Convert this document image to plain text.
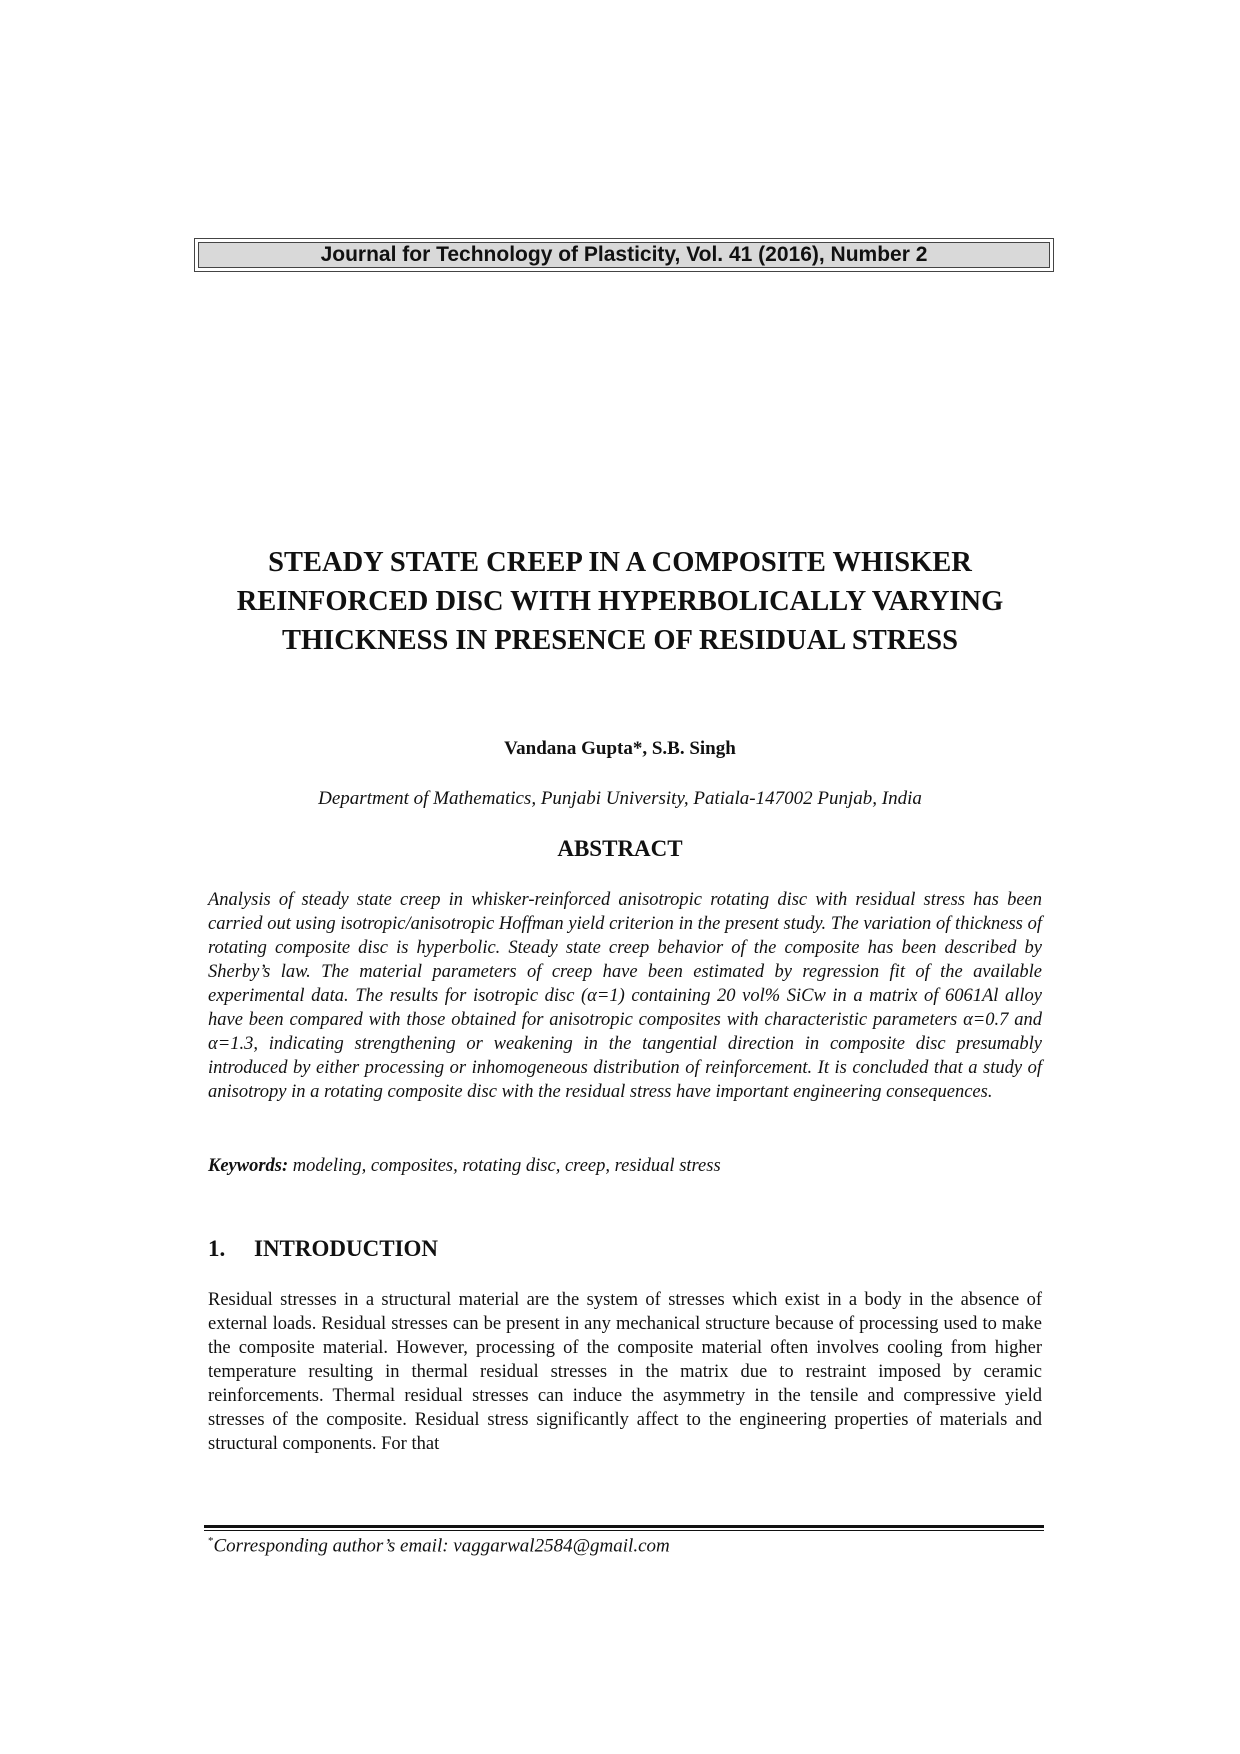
Journal for Technology of Plasticity, Vol. 41 (2016), Number 2
STEADY STATE CREEP IN A COMPOSITE WHISKER REINFORCED DISC WITH HYPERBOLICALLY VARYING THICKNESS IN PRESENCE OF RESIDUAL STRESS

Vandana Gupta*, S.B. Singh

Department of Mathematics, Punjabi University, Patiala-147002 Punjab, India

ABSTRACT

Analysis of steady state creep in whisker-reinforced anisotropic rotating disc with residual stress has been carried out using isotropic/anisotropic Hoffman yield criterion in the present study. The variation of thickness of rotating composite disc is hyperbolic. Steady state creep behavior of the composite has been described by Sherby’s law. The material parameters of creep have been estimated by regression fit of the available experimental data. The results for isotropic disc (α=1) containing 20 vol% SiCw in a matrix of 6061Al alloy have been compared with those obtained for anisotropic composites with characteristic parameters α=0.7 and α=1.3, indicating strengthening or weakening in the tangential direction in composite disc presumably introduced by either processing or inhomogeneous distribution of reinforcement. It is concluded that a study of anisotropy in a rotating composite disc with the residual stress have important engineering consequences.

Keywords: modeling, composites, rotating disc, creep, residual stress

1. INTRODUCTION

Residual stresses in a structural material are the system of stresses which exist in a body in the absence of external loads. Residual stresses can be present in any mechanical structure because of processing used to make the composite material. However, processing of the composite material often involves cooling from higher temperature resulting in thermal residual stresses in the matrix due to restraint imposed by ceramic reinforcements. Thermal residual stresses can induce the asymmetry in the tensile and compressive yield stresses of the composite. Residual stress significantly affect to the engineering properties of materials and structural components. For that

*Corresponding author’s email: vaggarwal2584@gmail.com
